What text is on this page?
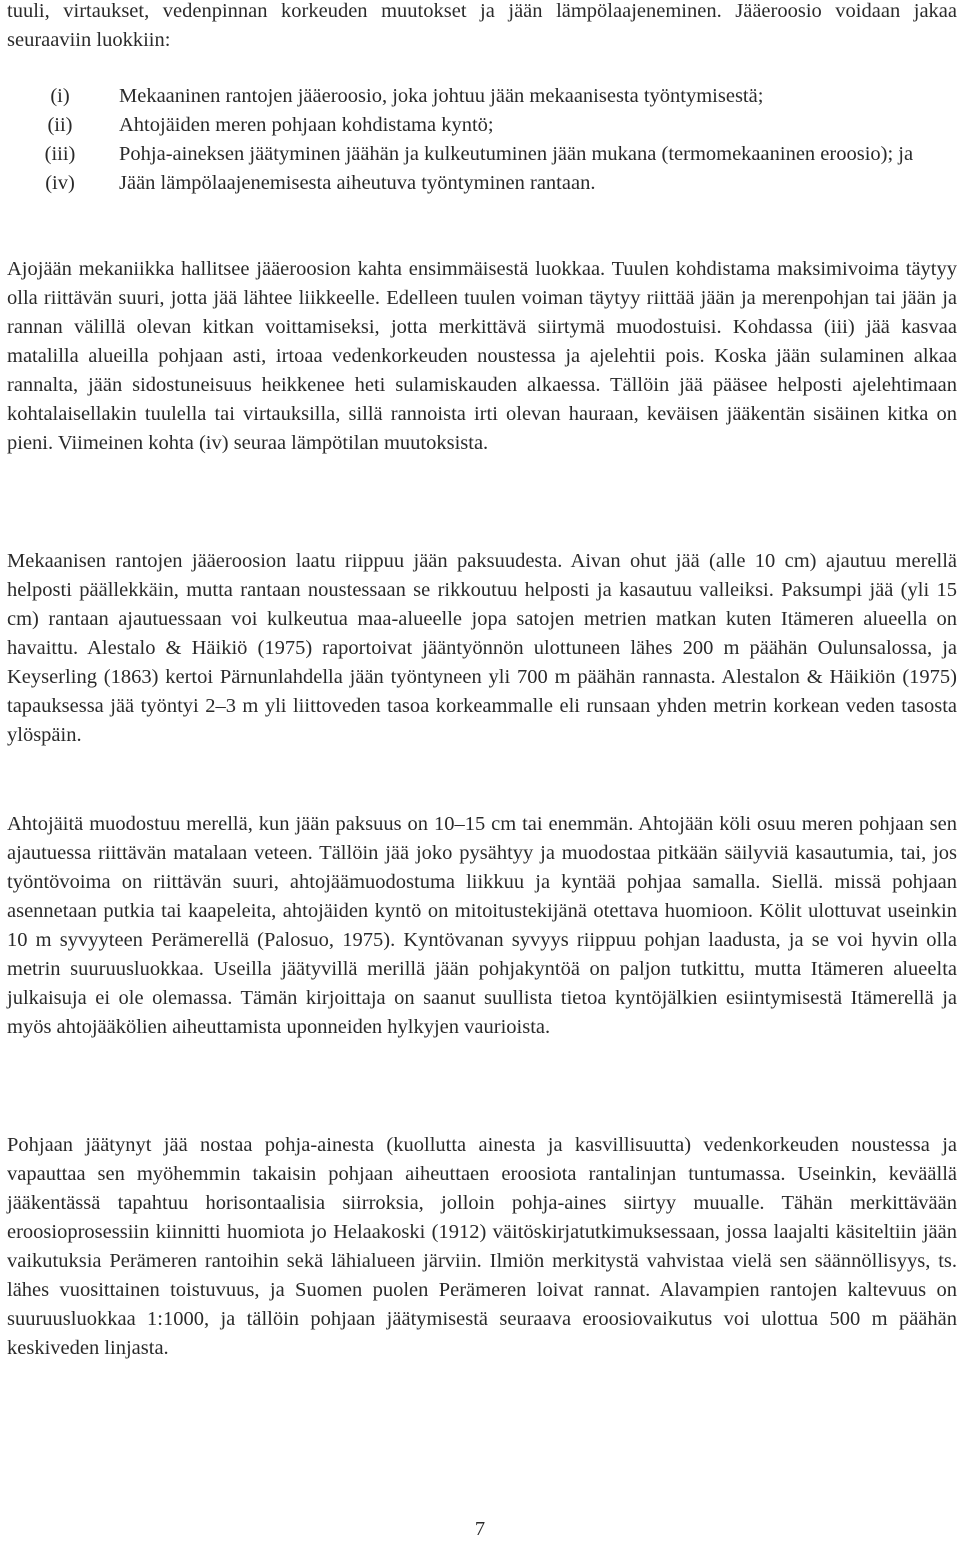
tuuli, virtaukset, vedenpinnan korkeuden muutokset ja jään lämpölaajeneminen. Jääeroosio voidaan jakaa seuraaviin luokkiin:

(i)	Mekaaninen rantojen jääeroosio, joka johtuu jään mekaanisesta työntymisestä;
(ii)	Ahtojäiden meren pohjaan kohdistama kyntö;
(iii)	Pohja-aineksen jäätyminen jäähän ja kulkeutuminen jään mukana (termomekaaninen eroosio); ja
(iv)	Jään lämpölaajenemisesta aiheutuva työntyminen rantaan.

Ajojään mekaniikka hallitsee jääeroosion kahta ensimmäisestä luokkaa. Tuulen kohdistama maksimivoima täytyy olla riittävän suuri, jotta jää lähtee liikkeelle. Edelleen tuulen voiman täytyy riittää jään ja merenpohjan tai jään ja rannan välillä olevan kitkan voittamiseksi, jotta merkittävä siirtymä muodostuisi. Kohdassa (iii) jää kasvaa matalilla alueilla pohjaan asti, irtoaa vedenkorkeuden noustessa ja ajelehtii pois. Koska jään sulaminen alkaa rannalta, jään sidostuneisuus heikkenee heti sulamiskauden alkaessa. Tällöin jää pääsee helposti ajelehtimaan kohtalaisellakin tuulella tai virtauksilla, sillä rannoista irti olevan hauraan, keväisen jääkentän sisäinen kitka on pieni. Viimeinen kohta (iv) seuraa lämpötilan muutoksista.

Mekaanisen rantojen jääeroosion laatu riippuu jään paksuudesta. Aivan ohut jää (alle 10 cm) ajautuu merellä helposti päällekkäin, mutta rantaan noustessaan se rikkoutuu helposti ja kasautuu valleiksi. Paksumpi jää (yli 15 cm) rantaan ajautuessaan voi kulkeutua maa-alueelle jopa satojen metrien matkan kuten Itämeren alueella on havaittu. Alestalo & Häikiö (1975) raportoivat jääntyönnön ulottuneen lähes 200 m päähän Oulunsalossa, ja Keyserling (1863) kertoi Pärnunlahdella jään työntyneen yli 700 m päähän rannasta. Alestalon & Häikiön (1975) tapauksessa jää työntyi 2–3 m yli liittoveden tasoa korkeammalle eli runsaan yhden metrin korkean veden tasosta ylöspäin.

Ahtojäitä muodostuu merellä, kun jään paksuus on 10–15 cm tai enemmän. Ahtojään köli osuu meren pohjaan sen ajautuessa riittävän matalaan veteen. Tällöin jää joko pysähtyy ja muodostaa pitkään säilyviä kasautumia, tai, jos työntövoima on riittävän suuri, ahtojäämuodostuma liikkuu ja kyntää pohjaa samalla. Siellä. missä pohjaan asennetaan putkia tai kaapeleita, ahtojäiden kyntö on mitoitustekijänä otettava huomioon. Kölit ulottuvat useinkin 10 m syvyyteen Perämerellä (Palosuo, 1975). Kyntövanan syvyys riippuu pohjan laadusta, ja se voi hyvin olla metrin suuruusluokkaa. Useilla jäätyvillä merillä jään pohjakyntöä on paljon tutkittu, mutta Itämeren alueelta julkaisuja ei ole olemassa. Tämän kirjoittaja on saanut suullista tietoa kyntöjälkien esiintymisestä Itämerellä ja myös ahtojääkölien aiheuttamista uponneiden hylkyjen vaurioista.

Pohjaan jäätynyt jää nostaa pohja-ainesta (kuollutta ainesta ja kasvillisuutta) vedenkorkeuden noustessa ja vapauttaa sen myöhemmin takaisin pohjaan aiheuttaen eroosiota rantalinjan tuntumassa. Useinkin, keväällä jääkentässä tapahtuu horisontaalisia siirroksia, jolloin pohja-aines siirtyy muualle. Tähän merkittävään eroosioprosessiin kiinnitti huomiota jo Helaakoski (1912) väitöskirjatutkimuksessaan, jossa laajalti käsiteltiin jään vaikutuksia Perämeren rantoihin sekä lähialueen järviin. Ilmiön merkitystä vahvistaa vielä sen säännöllisyys, ts. lähes vuosittainen toistuvuus, ja Suomen puolen Perämeren loivat rannat. Alavampien rantojen kaltevuus on suuruusluokkaa 1:1000, ja tällöin pohjaan jäätymisestä seuraava eroosiovaikutus voi ulottua 500 m päähän keskiveden linjasta.

7
